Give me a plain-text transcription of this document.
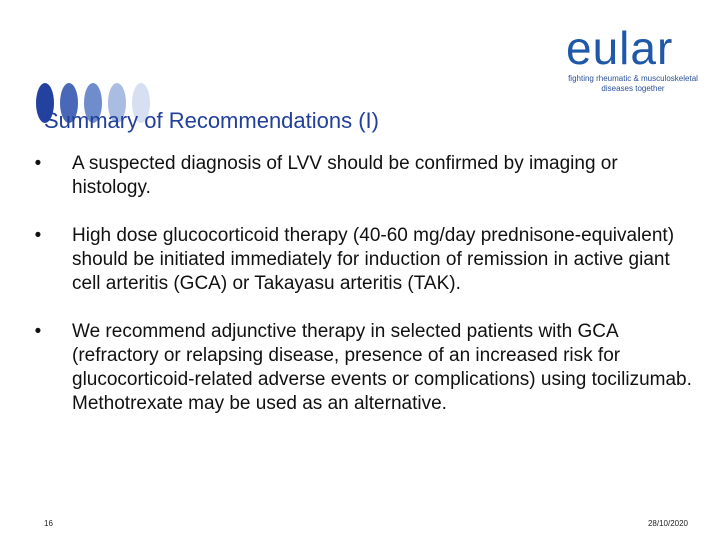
Summary of Recommendations (I)
eular
fighting rheumatic & musculoskeletal
diseases together
•	A suspected diagnosis of LVV should be confirmed by imaging or histology.
•	High dose glucocorticoid therapy (40-60 mg/day prednisone-equivalent) should be initiated immediately for induction of remission in active giant cell arteritis (GCA) or Takayasu arteritis (TAK).
•	We recommend adjunctive therapy in selected patients with GCA (refractory or relapsing disease, presence of an increased risk for glucocorticoid-related adverse events or complications) using tocilizumab. Methotrexate may be used as an alternative.
16	28/10/2020
